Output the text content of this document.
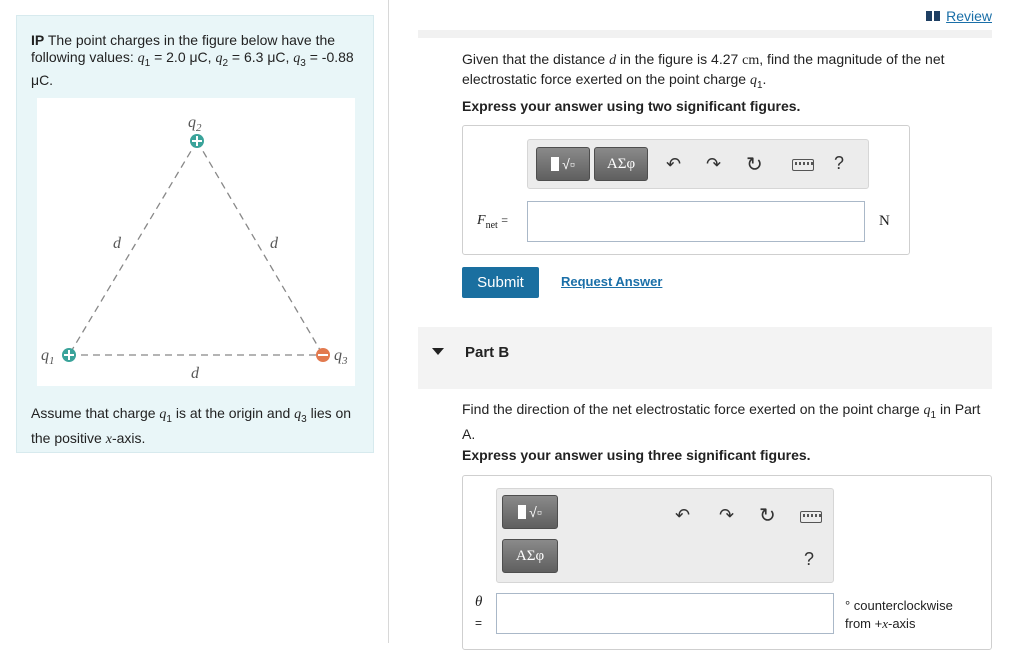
IP The point charges in the figure below have the following values: $q_1 = 2.0$ μC, $q_2 = 6.3$ μC, $q_3 = -0.88$ μC.
$q_2$
$q_1$	$q_3$
d	d
d
Assume that charge $q_1$ is at the origin and $q_3$ lies on the positive x-axis.
Review
Given that the distance d in the figure is 4.27 cm, find the magnitude of the net electrostatic force exerted on the point charge $q_1$.
Express your answer using two significant figures.
√▫	ΑΣφ	↶ ↷ ↻	?
$F_{net}$ =	N
Submit	Request Answer
Part B
Find the direction of the net electrostatic force exerted on the point charge $q_1$ in Part A.
Express your answer using three significant figures.
√▫
ΑΣφ
↶ ↷ ↻
?
θ
=
° counterclockwise
from +x-axis
